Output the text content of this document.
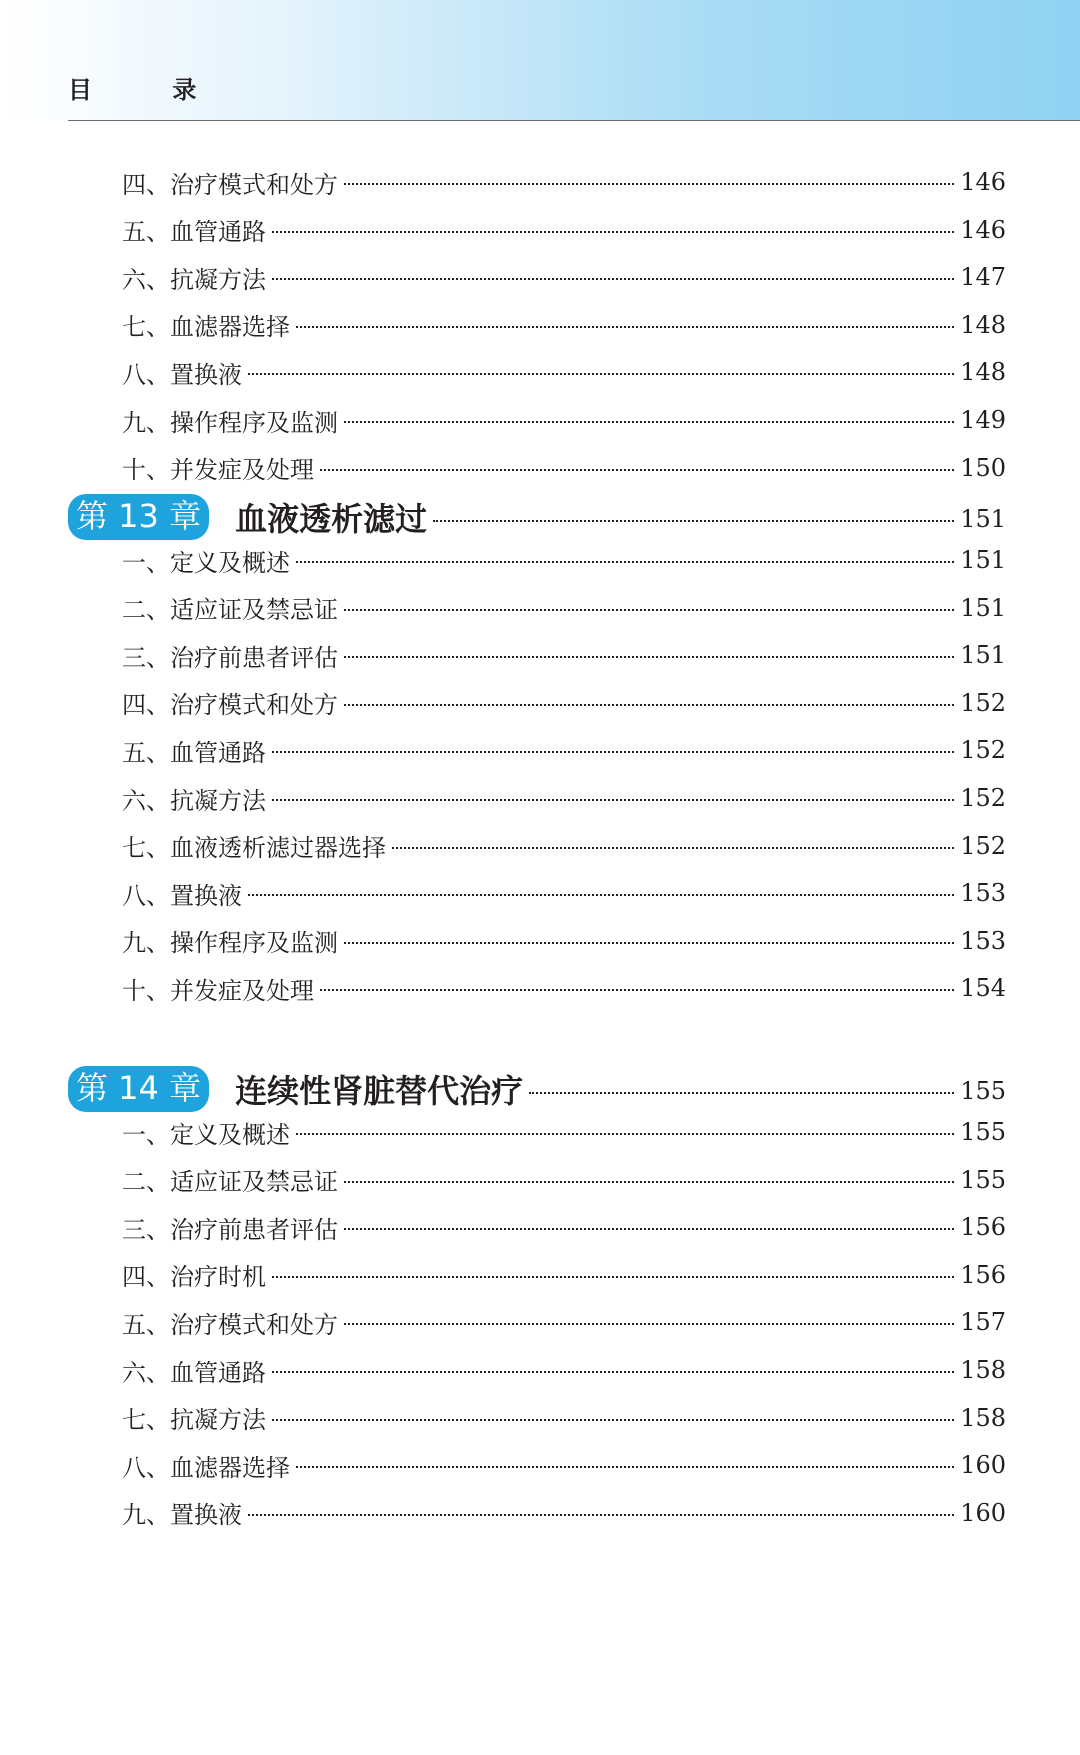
目 录
四、治疗模式和处方	146
五、血管通路	146
六、抗凝方法	147
七、血滤器选择	148
八、置换液	148
九、操作程序及监测	149
十、并发症及处理	150
第 13 章 血液透析滤过	151
一、定义及概述	151
二、适应证及禁忌证	151
三、治疗前患者评估	151
四、治疗模式和处方	152
五、血管通路	152
六、抗凝方法	152
七、血液透析滤过器选择	152
八、置换液	153
九、操作程序及监测	153
十、并发症及处理	154
第 14 章 连续性肾脏替代治疗	155
一、定义及概述	155
二、适应证及禁忌证	155
三、治疗前患者评估	156
四、治疗时机	156
五、治疗模式和处方	157
六、血管通路	158
七、抗凝方法	158
八、血滤器选择	160
九、置换液	160
